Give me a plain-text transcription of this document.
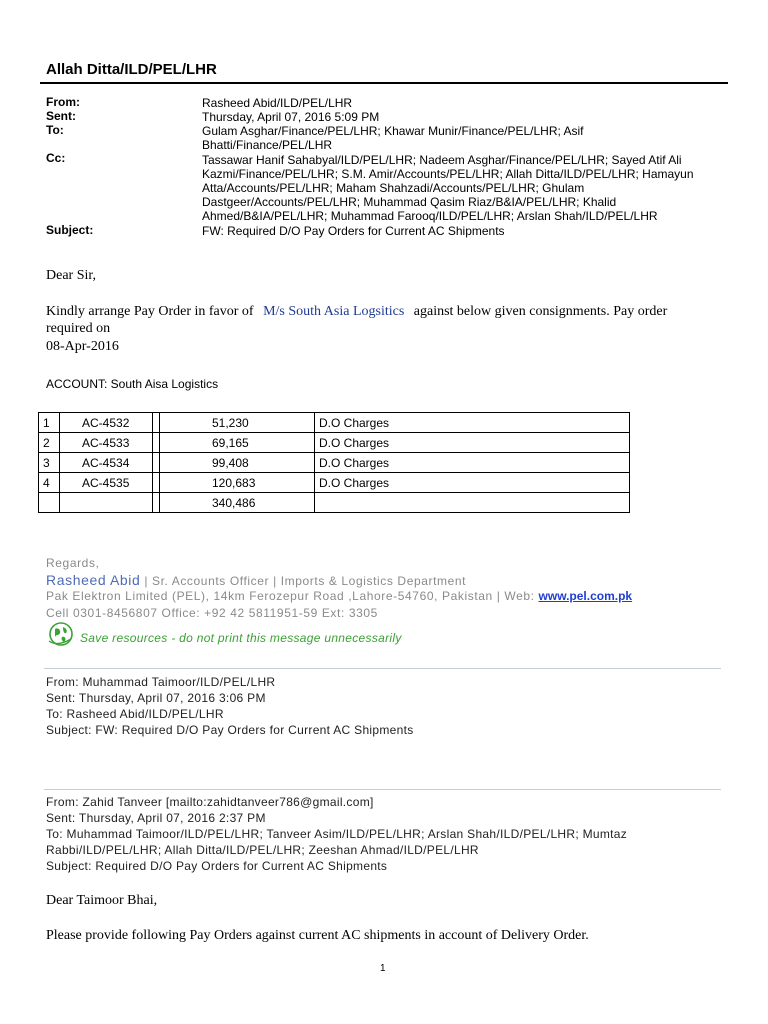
Allah Ditta/ILD/PEL/LHR
From:	Rasheed Abid/ILD/PEL/LHR
Sent:	Thursday, April 07, 2016 5:09 PM
To:	Gulam Asghar/Finance/PEL/LHR; Khawar Munir/Finance/PEL/LHR; Asif
Bhatti/Finance/PEL/LHR
Cc:	Tassawar Hanif Sahabyal/ILD/PEL/LHR; Nadeem Asghar/Finance/PEL/LHR; Sayed Atif Ali
Kazmi/Finance/PEL/LHR; S.M. Amir/Accounts/PEL/LHR; Allah Ditta/ILD/PEL/LHR; Hamayun
Atta/Accounts/PEL/LHR; Maham Shahzadi/Accounts/PEL/LHR; Ghulam
Dastgeer/Accounts/PEL/LHR; Muhammad Qasim Riaz/B&IA/PEL/LHR; Khalid
Ahmed/B&IA/PEL/LHR; Muhammad Farooq/ILD/PEL/LHR; Arslan Shah/ILD/PEL/LHR
Subject:	FW: Required D/O Pay Orders for Current AC Shipments
Dear Sir,
Kindly arrange Pay Order in favor of M/s South Asia Logsitics against below given consignments. Pay order
required on
08-Apr-2016
ACCOUNT: South Aisa Logistics
1	AC-4532		51,230	D.O Charges
2	AC-4533		69,165	D.O Charges
3	AC-4534		99,408	D.O Charges
4	AC-4535		120,683	D.O Charges
			340,486	
Regards,
Rasheed Abid | Sr. Accounts Officer | Imports & Logistics Department
Pak Elektron Limited (PEL), 14km Ferozepur Road ,Lahore-54760, Pakistan | Web: www.pel.com.pk
Cell 0301-8456807 Office: +92 42 5811951-59 Ext: 3305
Save resources - do not print this message unnecessarily
From: Muhammad Taimoor/ILD/PEL/LHR
Sent: Thursday, April 07, 2016 3:06 PM
To: Rasheed Abid/ILD/PEL/LHR
Subject: FW: Required D/O Pay Orders for Current AC Shipments
From: Zahid Tanveer [mailto:zahidtanveer786@gmail.com]
Sent: Thursday, April 07, 2016 2:37 PM
To: Muhammad Taimoor/ILD/PEL/LHR; Tanveer Asim/ILD/PEL/LHR; Arslan Shah/ILD/PEL/LHR; Mumtaz
Rabbi/ILD/PEL/LHR; Allah Ditta/ILD/PEL/LHR; Zeeshan Ahmad/ILD/PEL/LHR
Subject: Required D/O Pay Orders for Current AC Shipments
Dear Taimoor Bhai,
Please provide following Pay Orders against current AC shipments in account of Delivery Order.
1
